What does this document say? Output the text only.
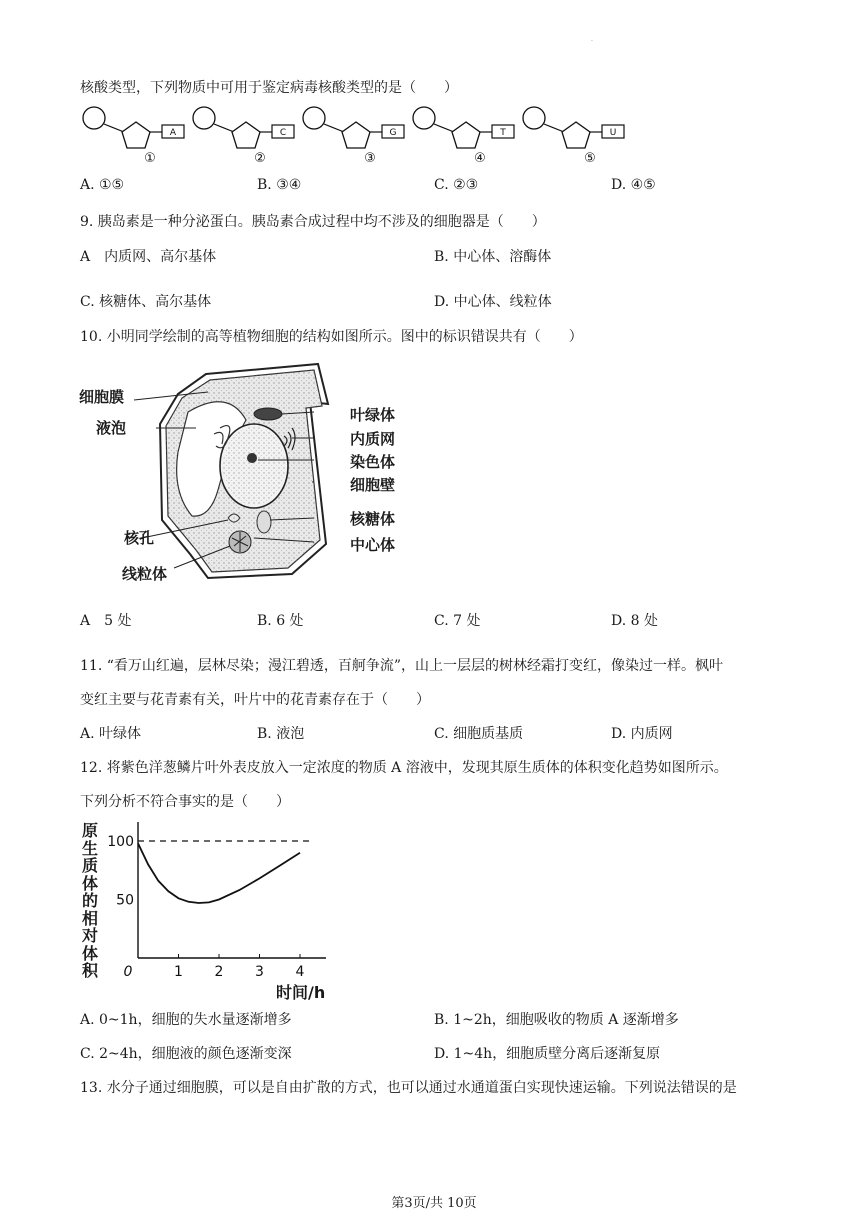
.
核酸类型，下列物质中可用于鉴定病毒核酸类型的是（　　）
A
①
C
②
G
③
T
④
U
⑤
A. ①⑤	B. ③④	C. ②③	D. ④⑤
9. 胰岛素是一种分泌蛋白。胰岛素合成过程中均不涉及的细胞器是（　　）
A　内质网、高尔基体	B. 中心体、溶酶体
C. 核糖体、高尔基体	D. 中心体、线粒体
10. 小明同学绘制的高等植物细胞的结构如图所示。图中的标识错误共有（　　）
细胞膜
液泡
核孔
线粒体
叶绿体
内质网
染色体
细胞壁
核糖体
中心体
A　5 处	B. 6 处	C. 7 处	D. 8 处
11. “看万山红遍，层林尽染；漫江碧透，百舸争流”，山上一层层的树林经霜打变红，像染过一样。枫叶
变红主要与花青素有关，叶片中的花青素存在于（　　）
A. 叶绿体	B. 液泡	C. 细胞质基质	D. 内质网
12. 将紫色洋葱鳞片叶外表皮放入一定浓度的物质 A 溶液中，发现其原生质体的体积变化趋势如图所示。
下列分析不符合事实的是（　　）
0	1 2 3 4
50
100
原生质体的相对体积
时间/h
A. 0~1h，细胞的失水量逐渐增多	B. 1~2h，细胞吸收的物质 A 逐渐增多
C. 2~4h，细胞液的颜色逐渐变深	D. 1~4h，细胞质壁分离后逐渐复原
13. 水分子通过细胞膜，可以是自由扩散的方式，也可以通过水通道蛋白实现快速运输。下列说法错误的是
第3页/共 10页
